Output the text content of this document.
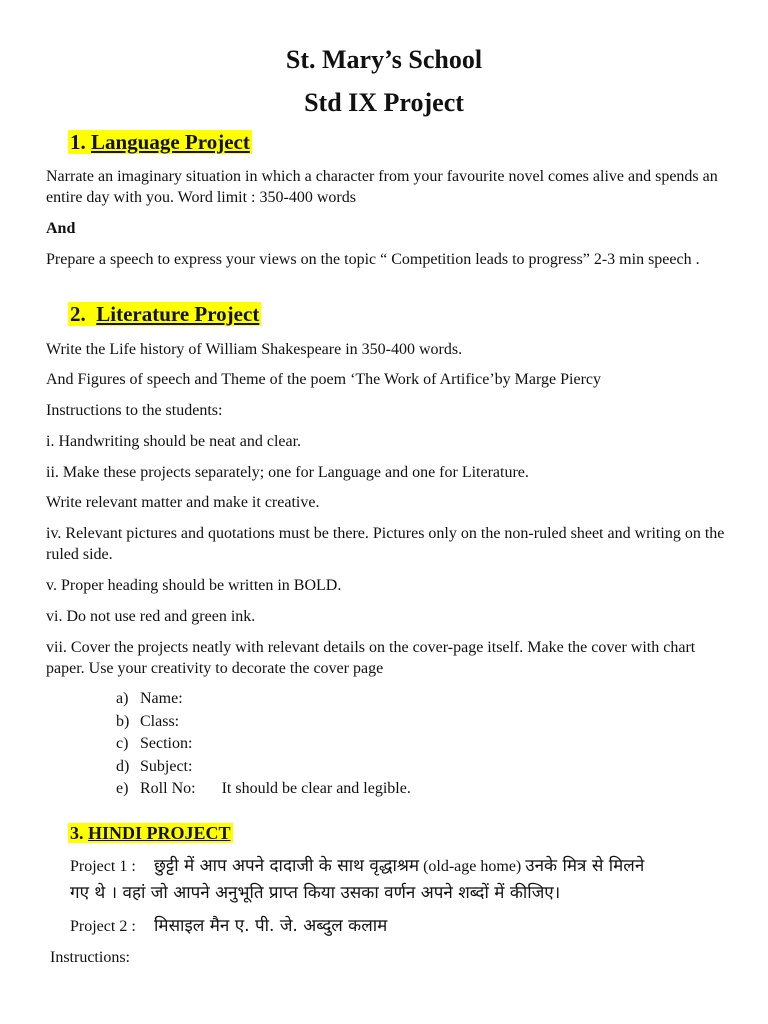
St. Mary’s School
Std IX Project
1. Language Project

Narrate an imaginary situation in which a character from your favourite novel comes alive and spends an entire day with you. Word limit : 350-400 words

And

Prepare a speech to express your views on the topic “ Competition leads to progress” 2-3 min speech .

2. Literature Project

Write the Life history of William Shakespeare in 350-400 words.

And Figures of speech and Theme of the poem ‘The Work of Artifice’by Marge Piercy

Instructions to the students:

i. Handwriting should be neat and clear.

ii. Make these projects separately; one for Language and one for Literature.

Write relevant matter and make it creative.

iv. Relevant pictures and quotations must be there. Pictures only on the non-ruled sheet and writing on the ruled side.

v. Proper heading should be written in BOLD.

vi. Do not use red and green ink.

vii. Cover the projects neatly with relevant details on the cover-page itself. Make the cover with chart paper. Use your creativity to decorate the cover page

a) Name:
b) Class:
c) Section:
d) Subject:
e) Roll No: It should be clear and legible.
3. HINDI PROJECT
Project 1 : छुट्टी में आप अपने दादाजी के साथ वृद्धाश्रम (old-age home) उनके मित्र से मिलने
गए थे । वहां जो आपने अनुभूति प्राप्त किया उसका वर्णन अपने शब्दों में कीजिए।
Project 2 : मिसाइल मैन ए. पी. जे. अब्दुल कलाम

Instructions:
